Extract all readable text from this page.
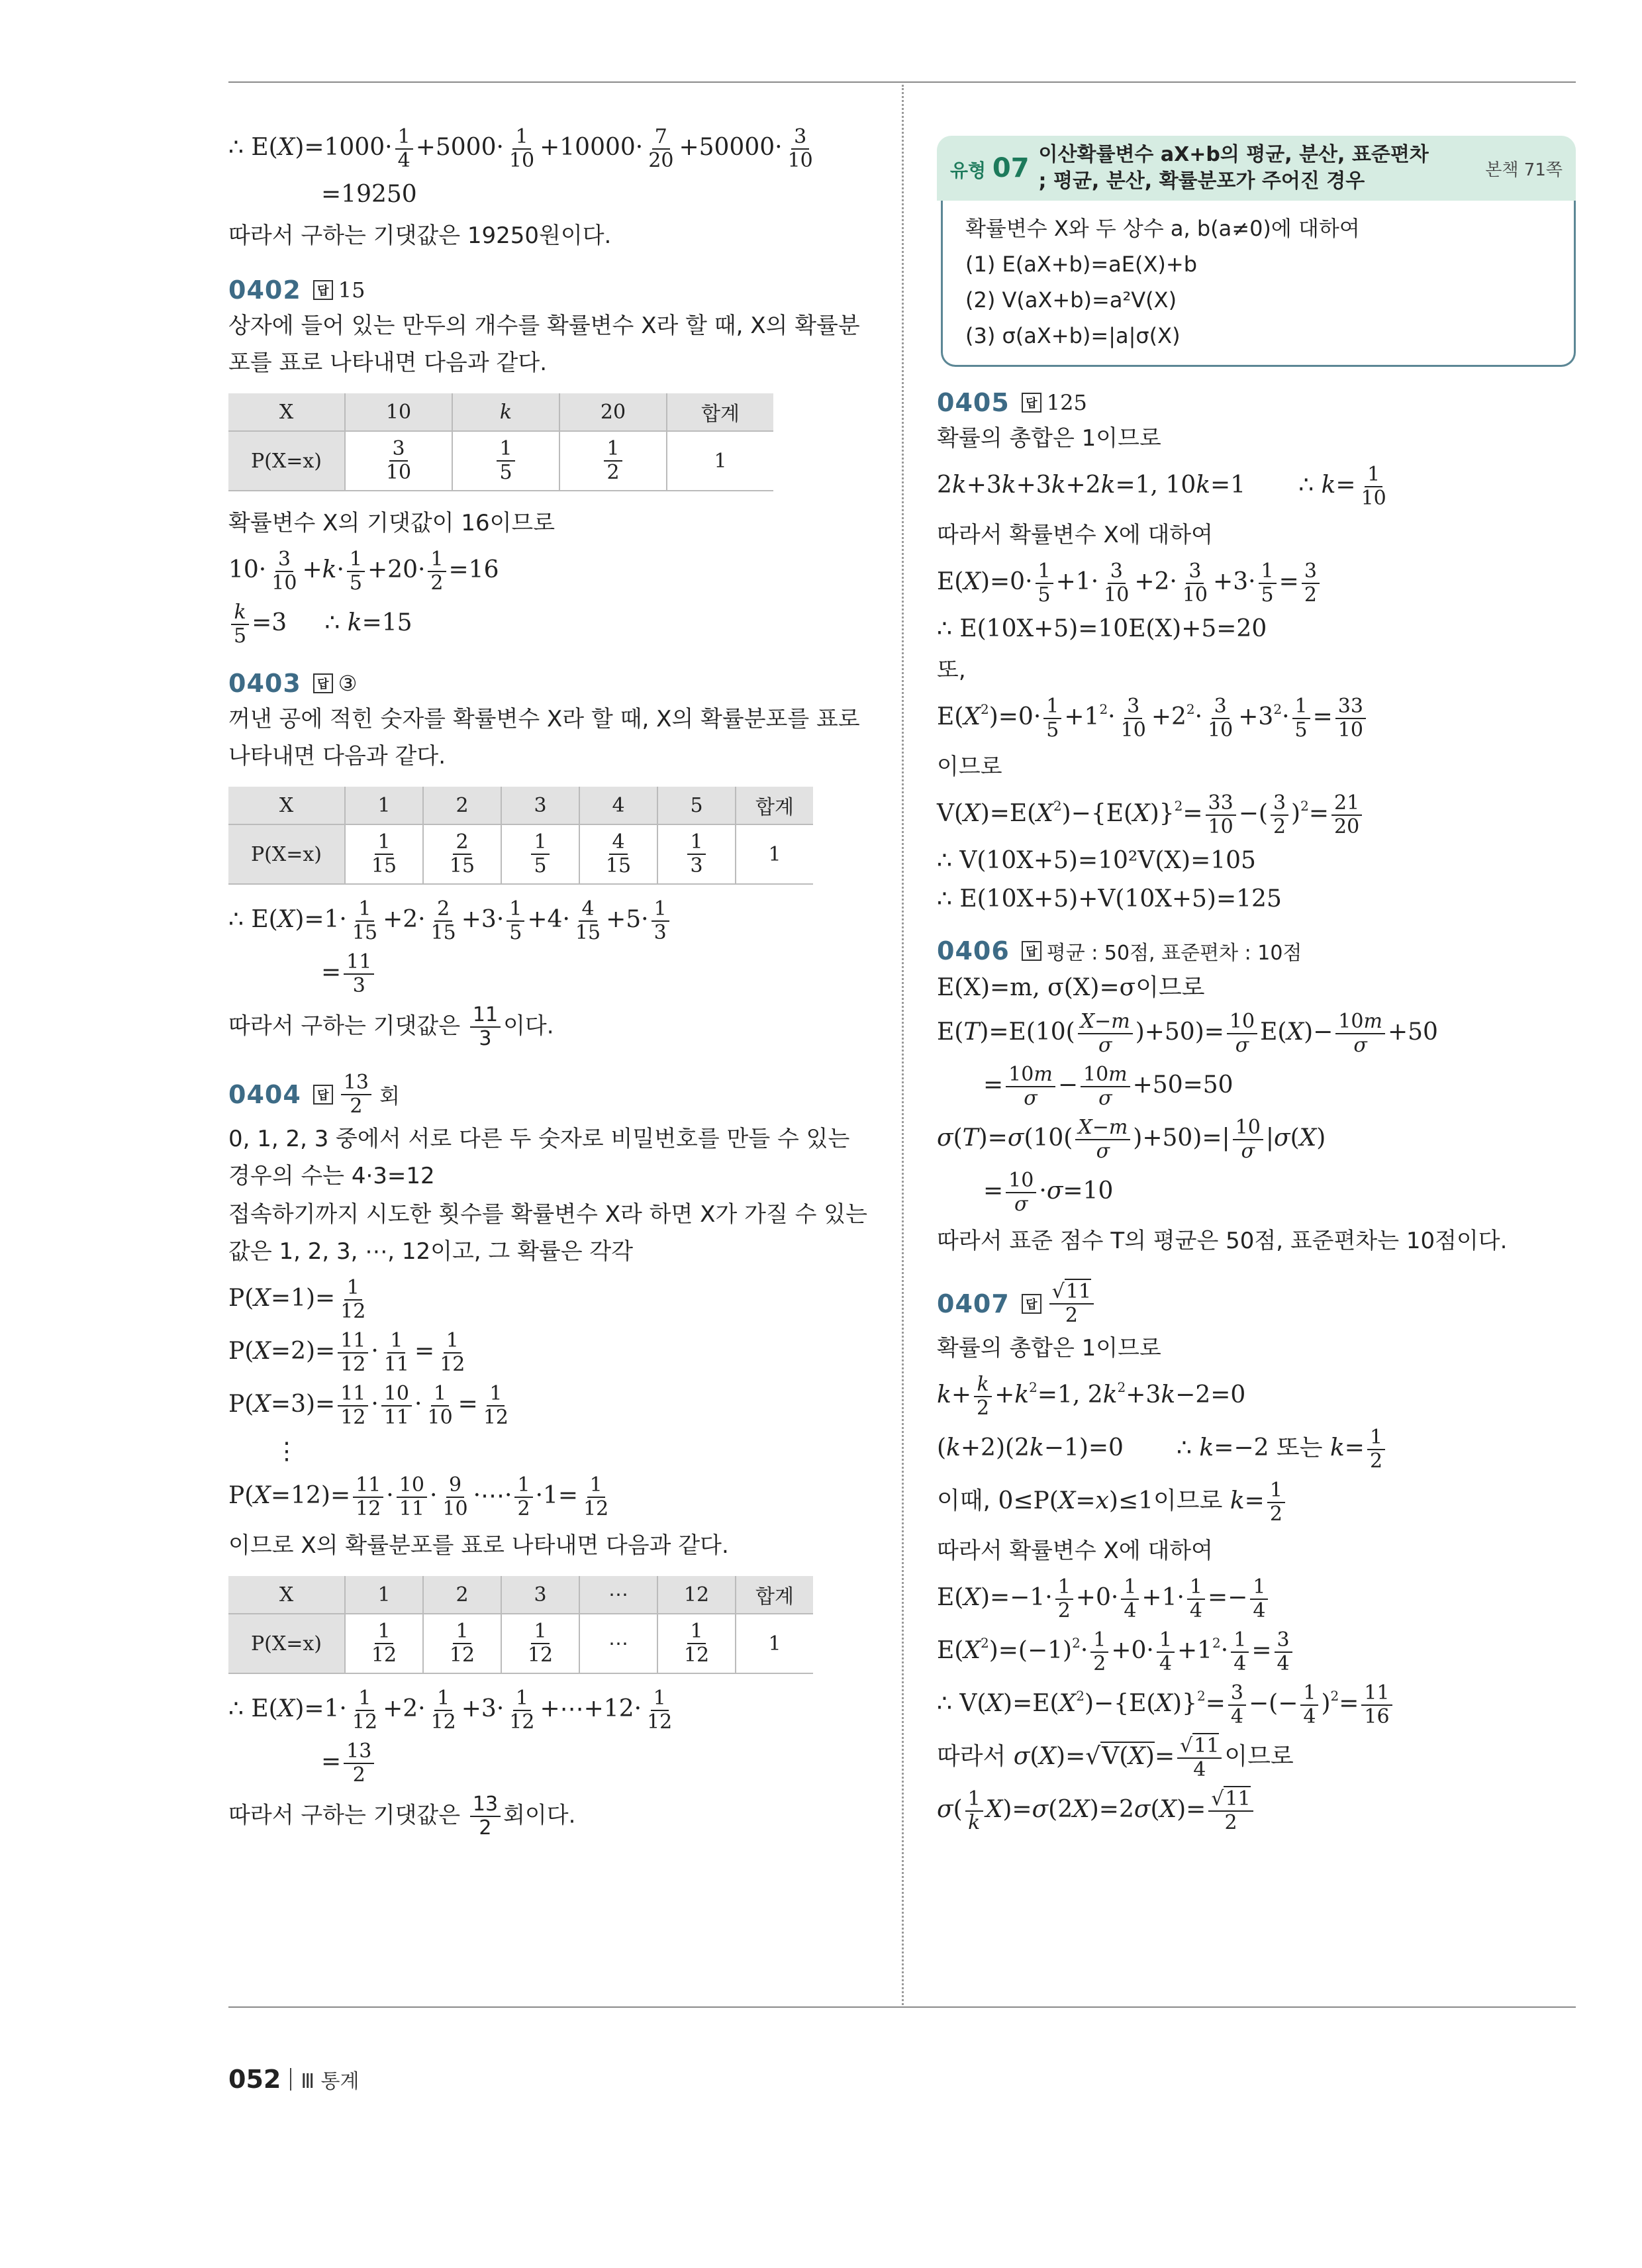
∴ $E(X)=1000\cdot \frac{1}{4} +5000\cdot \frac{1}{10} +10000\cdot \frac{7}{20} +50000\cdot \frac{3}{10}$
=19250
따라서 구하는 기댓값은 19250원이다.
0402	답 15
상자에 들어 있는 만두의 개수를 확률변수 X라 할 때, X의 확률분포를 표로 나타내면 다음과 같다.
X	10	k	20	합계
P(X=x)	$\frac{3}{10}$	$\frac{1}{5}$	$\frac{1}{2}$	1
확률변수 X의 기댓값이 16이므로
$10\cdot \frac{3}{10} +k\cdot \frac{1}{5} +20\cdot \frac{1}{2} =16$
$\frac{k}{5} =3$     ∴ k=15
0403	답 ③
꺼낸 공에 적힌 숫자를 확률변수 X라 할 때, X의 확률분포를 표로 나타내면 다음과 같다.
X	1	2	3	4	5	합계
P(X=x)	$\frac{1}{15}$	$\frac{2}{15}$	$\frac{1}{5}$	$\frac{4}{15}$	$\frac{1}{3}$	1
∴ $E(X)=1\cdot \frac{1}{15} +2\cdot \frac{2}{15} +3\cdot \frac{1}{5} +4\cdot \frac{4}{15} +5\cdot \frac{1}{3}$
= $\frac{11}{3}$
따라서 구하는 기댓값은 $\frac{11}{3}$ 이다.
0404	답
13
2 회
0, 1, 2, 3 중에서 서로 다른 두 숫자로 비밀번호를 만들 수 있는 경우의 수는 4·3=12
접속하기까지 시도한 횟수를 확률변수 X라 하면 X가 가질 수 있는 값은 1, 2, 3, ⋯, 12이고, 그 확률은 각각
$P(X=1)= \frac{1}{12}$
$P(X=2)= \frac{11}{12} \cdot \frac{1}{11} = \frac{1}{12}$
$P(X=3)= \frac{11}{12} \cdot \frac{10}{11} \cdot \frac{1}{10} = \frac{1}{12}$
⋮
$P(X=12)= \frac{11}{12} \cdot \frac{10}{11} \cdot \frac{9}{10}$ ·⋯· $\frac{1}{2} \cdot 1= \frac{1}{12}$
이므로 X의 확률분포를 표로 나타내면 다음과 같다.
X	1	2	3	⋯	12	합계
P(X=x)	$\frac{1}{12}$	$\frac{1}{12}$	$\frac{1}{12}$	⋯	$\frac{1}{12}$	1
∴ $E(X)=1\cdot \frac{1}{12} +2\cdot \frac{1}{12} +3\cdot \frac{1}{12}$ +⋯+12· $\frac{1}{12}$
= $\frac{13}{2}$
따라서 구하는 기댓값은 $\frac{13}{2}$ 회이다.
유형 07 이산확률변수 aX+b의 평균, 분산, 표준편차
; 평균, 분산, 확률분포가 주어진 경우	본책 71쪽
확률변수 X와 두 상수 a, b(a≠0)에 대하여
(1) E(aX+b)=aE(X)+b
(2) V(aX+b)=a²V(X)
(3) σ(aX+b)=|a|σ(X)
0405	답 125
확률의 총합은 1이므로
2k+3k+3k+2k=1, 10k=1       ∴ $k= \frac{1}{10}$
따라서 확률변수 X에 대하여
$E(X)=0\cdot \frac{1}{5} +1\cdot \frac{3}{10} +2\cdot \frac{3}{10} +3\cdot \frac{1}{5} = \frac{3}{2}$
∴ E(10X+5)=10E(X)+5=20
또,
$E(X^2)=0\cdot \frac{1}{5} +1^2\cdot \frac{3}{10} +2^2\cdot \frac{3}{10} +3^2\cdot \frac{1}{5} = \frac{33}{10}$
이므로
$V(X)=E(X^2)-\{E(X)\}^2= \frac{33}{10}$ −( $\frac{3}{2} )^2= \frac{21}{20}$
∴ V(10X+5)=10²V(X)=105
∴ E(10X+5)+V(10X+5)=125
0406	답 평균 : 50점, 표준편차 : 10점
E(X)=m, σ(X)=σ이므로
$E(T)=E(10( \frac{X-m}{\sigma} )+50)= \frac{10}{\sigma} E(X)- \frac{10m}{\sigma} +50$
= $\frac{10m}{\sigma} - \frac{10m}{\sigma} +50=50$
$\sigma(T)=\sigma(10( \frac{X-m}{\sigma} )+50)=| \frac{10}{\sigma} |\sigma(X)$
= $\frac{10}{\sigma} \cdot\sigma=10$
따라서 표준 점수 T의 평균은 50점, 표준편차는 10점이다.
0407	답
√11
2
확률의 총합은 1이므로
$k+ \frac{k}{2} +k^2=1$, $2k^2+3k-2=0$
(k+2)(2k−1)=0       ∴ k=−2 또는 $k= \frac{1}{2}$
이때, 0≤P(X=x)≤1이므로 $k= \frac{1}{2}$
따라서 확률변수 X에 대하여
$E(X)=-1\cdot \frac{1}{2} +0\cdot \frac{1}{4} +1\cdot \frac{1}{4} =- \frac{1}{4}$
$E(X^2)=(-1)^2\cdot \frac{1}{2} +0\cdot \frac{1}{4} +1^2\cdot \frac{1}{4} = \frac{3}{4}$
∴ $V(X)=E(X^2)-\{E(X)\}^2= \frac{3}{4}$ −(− $\frac{1}{4} )^2= \frac{11}{16}$
따라서 $\sigma(X)=√V(X)= \frac{√11}{4}$ 이므로
$\sigma( \frac{1}{k} X)=\sigma(2X)=2\sigma(X)= \frac{√11}{2}$
052 Ⅲ 통계
